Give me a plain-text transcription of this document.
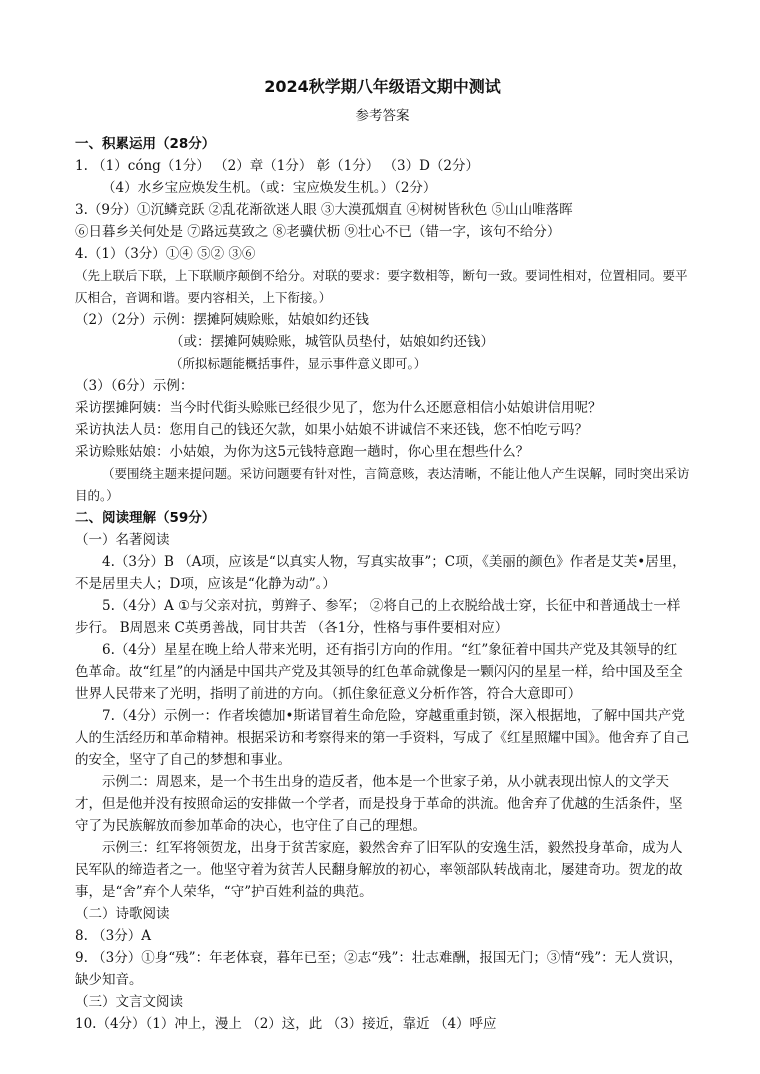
2024秋学期八年级语文期中测试
参考答案
一、积累运用（28分）
1. （1）cóng（1分） （2）章（1分） 彰（1分） （3）D（2分）
（4）水乡宝应焕发生机。（或：宝应焕发生机。）（2分）
3.（9分）①沉鳞竞跃 ②乱花渐欲迷人眼 ③大漠孤烟直 ④树树皆秋色 ⑤山山唯落晖
⑥日暮乡关何处是 ⑦路远莫致之 ⑧老骥伏枥 ⑨壮心不已（错一字，该句不给分）
4.（1）（3分）①④ ⑤② ③⑥
（先上联后下联，上下联顺序颠倒不给分。对联的要求：要字数相等，断句一致。要词性相对，位置相同。要平仄相合，音调和谐。要内容相关，上下衔接。）
（2）（2分）示例：摆摊阿姨赊账，姑娘如约还钱
（或：摆摊阿姨赊账，城管队员垫付，姑娘如约还钱）
（所拟标题能概括事件，显示事件意义即可。）
（3）（6分）示例：
采访摆摊阿姨：当今时代街头赊账已经很少见了，您为什么还愿意相信小姑娘讲信用呢？
采访执法人员：您用自己的钱还欠款，如果小姑娘不讲诚信不来还钱，您不怕吃亏吗？
采访赊账姑娘：小姑娘，为你为这5元钱特意跑一趟时，你心里在想些什么？
（要围绕主题来提问题。采访问题要有针对性，言简意赅，表达清晰，不能让他人产生误解，同时突出采访目的。）
二、阅读理解（59分）
（一）名著阅读
4.（3分）B （A项，应该是“以真实人物，写真实故事”；C项，《美丽的颜色》作者是艾芙•居里，不是居里夫人；D项，应该是“化静为动”。）
5.（4分）A ①与父亲对抗，剪辫子、参军； ②将自己的上衣脱给战士穿，长征中和普通战士一样步行。 B周恩来 C英勇善战，同甘共苦 （各1分，性格与事件要相对应）
6.（4分）星星在晚上给人带来光明，还有指引方向的作用。“红”象征着中国共产党及其领导的红色革命。故“红星”的内涵是中国共产党及其领导的红色革命就像是一颗闪闪的星星一样，给中国及至全世界人民带来了光明，指明了前进的方向。（抓住象征意义分析作答，符合大意即可）
7.（4分）示例一：作者埃德加•斯诺冒着生命危险，穿越重重封锁，深入根据地，了解中国共产党人的生活经历和革命精神。根据采访和考察得来的第一手资料，写成了《红星照耀中国》。他舍弃了自己的安全，坚守了自己的梦想和事业。
示例二：周恩来，是一个书生出身的造反者，他本是一个世家子弟，从小就表现出惊人的文学天才，但是他并没有按照命运的安排做一个学者，而是投身于革命的洪流。他舍弃了优越的生活条件，坚守了为民族解放而参加革命的决心，也守住了自己的理想。
示例三：红军将领贺龙，出身于贫苦家庭，毅然舍弃了旧军队的安逸生活，毅然投身革命，成为人民军队的缔造者之一。他坚守着为贫苦人民翻身解放的初心，率领部队转战南北，屡建奇功。贺龙的故事，是“舍”弃个人荣华，“守”护百姓利益的典范。
（二）诗歌阅读
8. （3分）A
9. （3分）①身“残”：年老体衰，暮年已至；②志“残”：壮志难酬，报国无门；③情“残”：无人赏识，缺少知音。
（三）文言文阅读
10.（4分）（1）冲上，漫上 （2）这，此 （3）接近，靠近 （4）呼应
